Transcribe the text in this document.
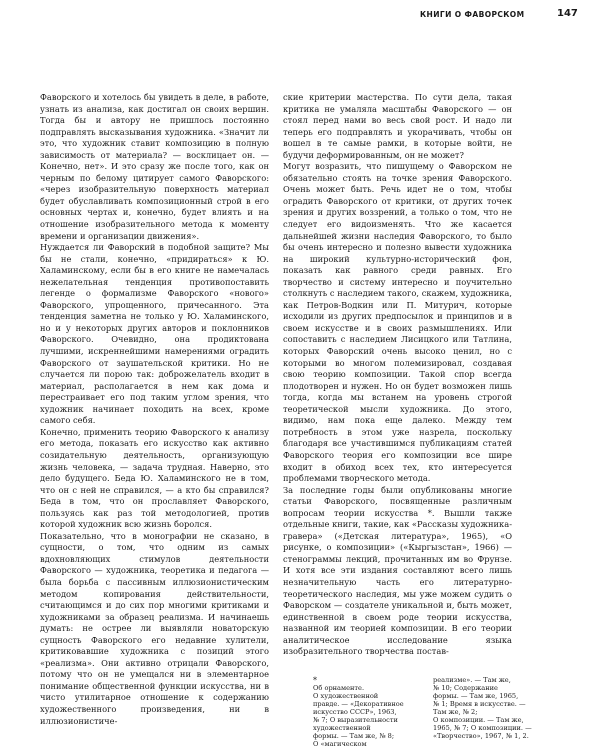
КНИГИ О ФАВОРСКОМ	147

Фаворского и хотелось бы увидеть в деле, в работе, узнать из анализа, как достигал он своих вершин. Тогда бы и автору не пришлось постоянно подправлять высказывания художника. «Значит ли это, что художник ставит композицию в полную зависимость от материала? — восклицает он. — Конечно, нет». И это сразу же после того, как он черным по белому цитирует самого Фаворского: «через изобразительную поверхность материал будет обуславливать композиционный строй в его основных чертах и, конечно, будет влиять и на отношение изобразительного метода к моменту времени и организации движения».

Нуждается ли Фаворский в подобной защите? Мы бы не стали, конечно, «придираться» к Ю. Халаминскому, если бы в его книге не намечалась нежелательная тенденция противопоставить легенде о формализме Фаворского «нового» Фаворского, упрощенного, причесанного. Эта тенденция заметна не только у Ю. Халаминского, но и у некоторых других авторов и поклонников Фаворского. Очевидно, она продиктована лучшими, искреннейшими намерениями оградить Фаворского от заушательской критики. Но не случается ли порою так: доброжелатель входит в материал, располагается в нем как дома и перестраивает его под таким углом зрения, что художник начинает походить на всех, кроме самого себя.

Конечно, применить теорию Фаворского к анализу его метода, показать его искусство как активно созидательную деятельность, организующую жизнь человека, — задача трудная. Наверно, это дело будущего. Беда Ю. Халаминского не в том, что он с ней не справился, — а кто бы справился? Беда в том, что он прославляет Фаворского, пользуясь как раз той методологией, против которой художник всю жизнь боролся.

Показательно, что в монографии не сказано, в сущности, о том, что одним из самых вдохновляющих стимулов деятельности Фаворского — художника, теоретика и педагога — была борьба с пассивным иллюзионистическим методом копирования действительности, считающимся и до сих пор многими критиками и художниками за образец реализма. И начинаешь думать: не острее ли выявляли новаторскую сущность Фаворского его недавние хулители, критиковавшие художника с позиций этого «реализма». Они активно отрицали Фаворского, потому что он не умещался ни в элементарное понимание общественной функции искусства, ни в чисто утилитарное отношение к содержанию художественного произведения, ни в иллюзионистиче-

ские критерии мастерства. По сути дела, такая критика не умаляла масштабы Фаворского — он стоял перед нами во весь свой рост. И надо ли теперь его подправлять и укорачивать, чтобы он вошел в те самые рамки, в которые войти, не будучи деформированным, он не может?

Могут возразить, что пишущему о Фаворском не обязательно стоять на точке зрения Фаворского. Очень может быть. Речь идет не о том, чтобы оградить Фаворского от критики, от других точек зрения и других воззрений, а только о том, что не следует его видоизменять. Что же касается дальнейшей жизни наследия Фаворского, то было бы очень интересно и полезно вывести художника на широкий культурно-исторический фон, показать как равного среди равных. Его творчество и систему интересно и поучительно столкнуть с наследием такого, скажем, художника, как Петров-Водкин или П. Митурич, которые исходили из других предпосылок и принципов и в своем искусстве и в своих размышлениях. Или сопоставить с наследием Лисицкого или Татлина, которых Фаворский очень высоко ценил, но с которыми во многом полемизировал, создавая свою теорию композиции. Такой спор всегда плодотворен и нужен. Но он будет возможен лишь тогда, когда мы встанем на уровень строгой теоретической мысли художника. До этого, видимо, нам пока еще далеко. Между тем потребность в этом уже назрела, поскольку благодаря все участившимся публикациям статей Фаворского теория его композиции все шире входит в обиход всех тех, кто интересуется проблемами творческого метода.

За последние годы были опубликованы многие статьи Фаворского, посвященные различным вопросам теории искусства *. Вышли также отдельные книги, такие, как «Рассказы художника-гравера» («Детская литература», 1965), «О рисунке, о композиции» («Кыргызстан», 1966) — стенограммы лекций, прочитанных им во Фрунзе. И хотя все эти издания составляют всего лишь незначительную часть его литературно-теоретического наследия, мы уже можем судить о Фаворском — создателе уникальной и, быть может, единственной в своем роде теории искусства, названной им теорией композиции. В его теории аналитическое исследование языка изобразительного творчества постав-

*
Об орнаменте.
О художественной
правде. — «Декоративное
искусство СССР», 1963,
№ 7; О выразительности
художественной
формы. — Там же, № 8;
О «магическом
реализме». — Там же,
№ 10; Содержание
формы. — Там же, 1965,
№ 1; Время в искусстве. —
Там же, № 2;
О композиции. — Там же,
1965, № 7; О композиции. —
«Творчество», 1967, № 1, 2.
